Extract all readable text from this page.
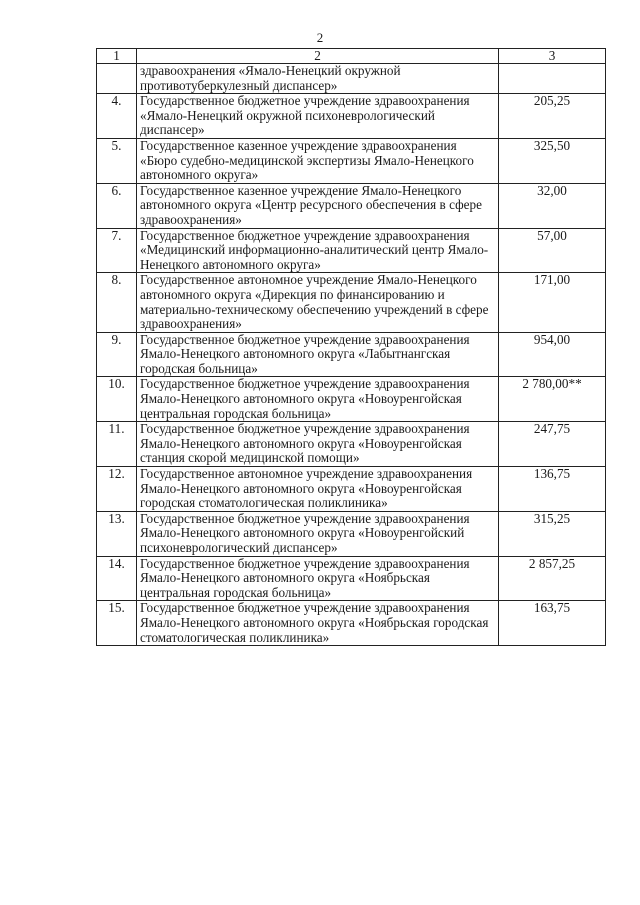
2
1	2	3
	здравоохранения «Ямало-Ненецкий окружной противотуберкулезный диспансер»	
4.	Государственное бюджетное учреждение здравоохранения «Ямало-Ненецкий окружной психоневрологический диспансер»	205,25
5.	Государственное казенное учреждение здравоохранения «Бюро судебно-медицинской экспертизы Ямало-Ненецкого автономного округа»	325,50
6.	Государственное казенное учреждение Ямало-Ненецкого автономного округа «Центр ресурсного обеспечения в сфере здравоохранения»	32,00
7.	Государственное бюджетное учреждение здравоохранения «Медицинский информационно-аналитический центр Ямало-Ненецкого автономного округа»	57,00
8.	Государственное автономное учреждение Ямало-Ненецкого автономного округа «Дирекция по финансированию и материально-техническому обеспечению учреждений в сфере здравоохранения»	171,00
9.	Государственное бюджетное учреждение здравоохранения Ямало-Ненецкого автономного округа «Лабытнангская городская больница»	954,00
10.	Государственное бюджетное учреждение здравоохранения Ямало-Ненецкого автономного округа «Новоуренгойская центральная городская больница»	2 780,00**
11.	Государственное бюджетное учреждение здравоохранения Ямало-Ненецкого автономного округа «Новоуренгойская станция скорой медицинской помощи»	247,75
12.	Государственное автономное учреждение здравоохранения Ямало-Ненецкого автономного округа «Новоуренгойская городская стоматологическая поликлиника»	136,75
13.	Государственное бюджетное учреждение здравоохранения Ямало-Ненецкого автономного округа «Новоуренгойский психоневрологический диспансер»	315,25
14.	Государственное бюджетное учреждение здравоохранения Ямало-Ненецкого автономного округа «Ноябрьская центральная городская больница»	2 857,25
15.	Государственное бюджетное учреждение здравоохранения Ямало-Ненецкого автономного округа «Ноябрьская городская стоматологическая поликлиника»	163,75
